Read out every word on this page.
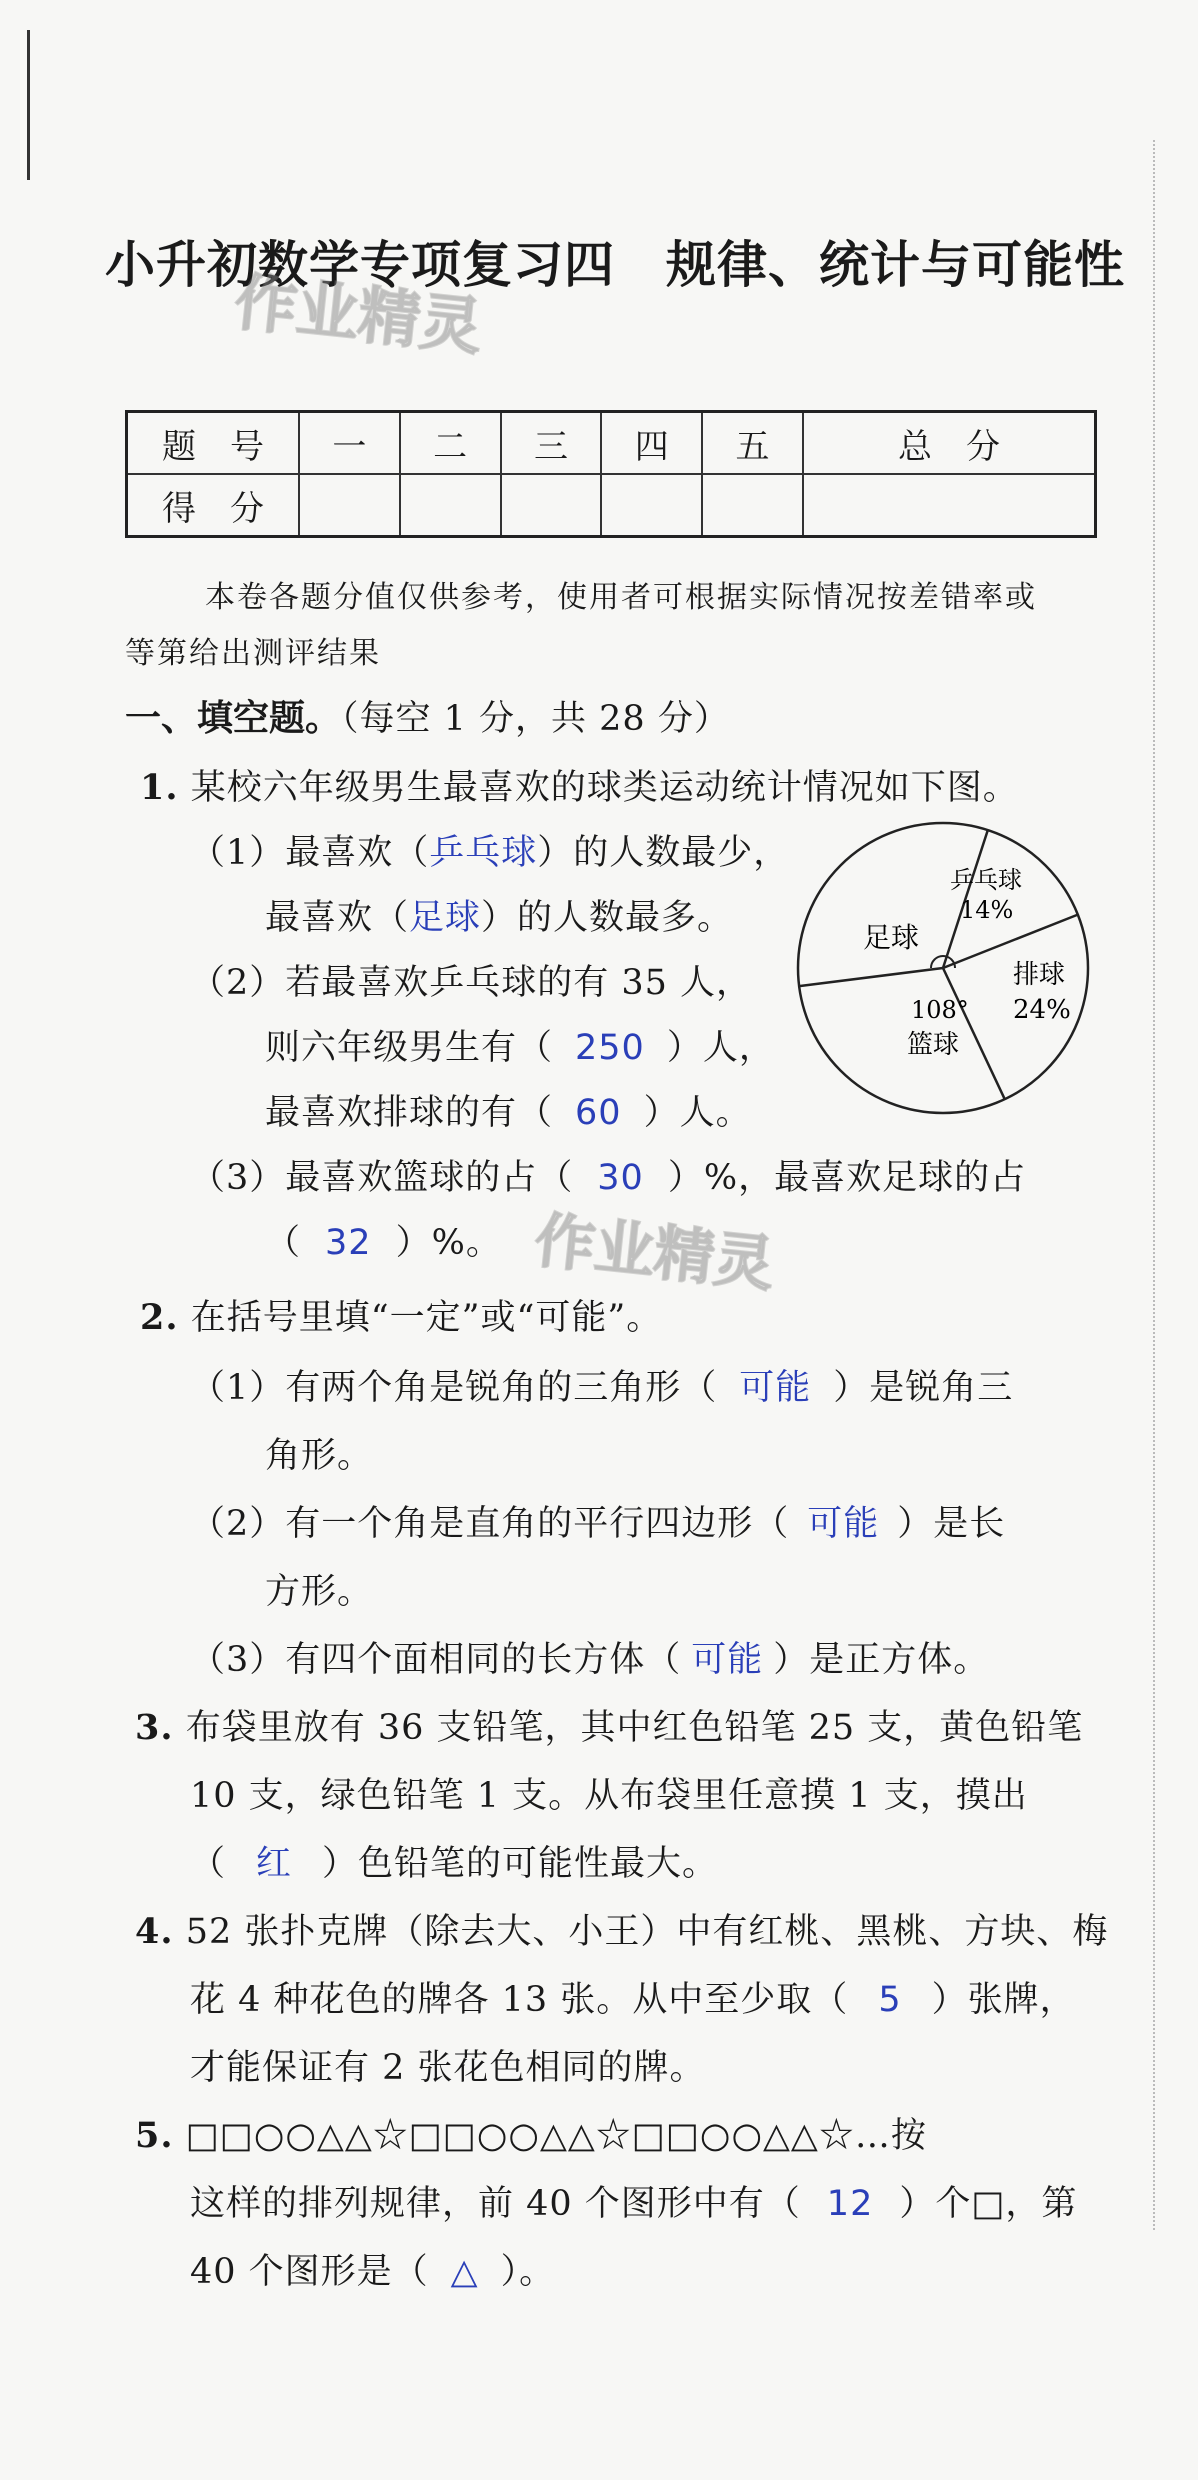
小升初数学专项复习四　规律、统计与可能性
作业精灵
题　号	一	二	三	四	五	总　分
得　分						
本卷各题分值仅供参考，使用者可根据实际情况按差错率或
等第给出测评结果
一、填空题。（每空 1 分，共 28 分）
1. 某校六年级男生最喜欢的球类运动统计情况如下图。
（1）最喜欢（乒乓球）的人数最少，
最喜欢（足球）的人数最多。
（2）若最喜欢乒乓球的有 35 人，
则六年级男生有（ 250 ）人，
最喜欢排球的有（ 60 ）人。
（3）最喜欢篮球的占（ 30 ）%，最喜欢足球的占
（ 32 ）%。 作业精灵
足球
乒乓球
14%
排球
24%
108°
篮球
2. 在括号里填“一定”或“可能”。
（1）有两个角是锐角的三角形（ 可能 ）是锐角三
角形。
（2）有一个角是直角的平行四边形（ 可能 ）是长
方形。
（3）有四个面相同的长方体（ 可能 ）是正方体。
3. 布袋里放有 36 支铅笔，其中红色铅笔 25 支，黄色铅笔
10 支，绿色铅笔 1 支。从布袋里任意摸 1 支，摸出
（ 红 ）色铅笔的可能性最大。
4. 52 张扑克牌（除去大、小王）中有红桃、黑桃、方块、梅
花 4 种花色的牌各 13 张。从中至少取（ 5 ）张牌，
才能保证有 2 张花色相同的牌。
5. □□○○△△☆□□○○△△☆□□○○△△☆…按
这样的排列规律，前 40 个图形中有（ 12 ）个□，第
40 个图形是（ △ ）。
